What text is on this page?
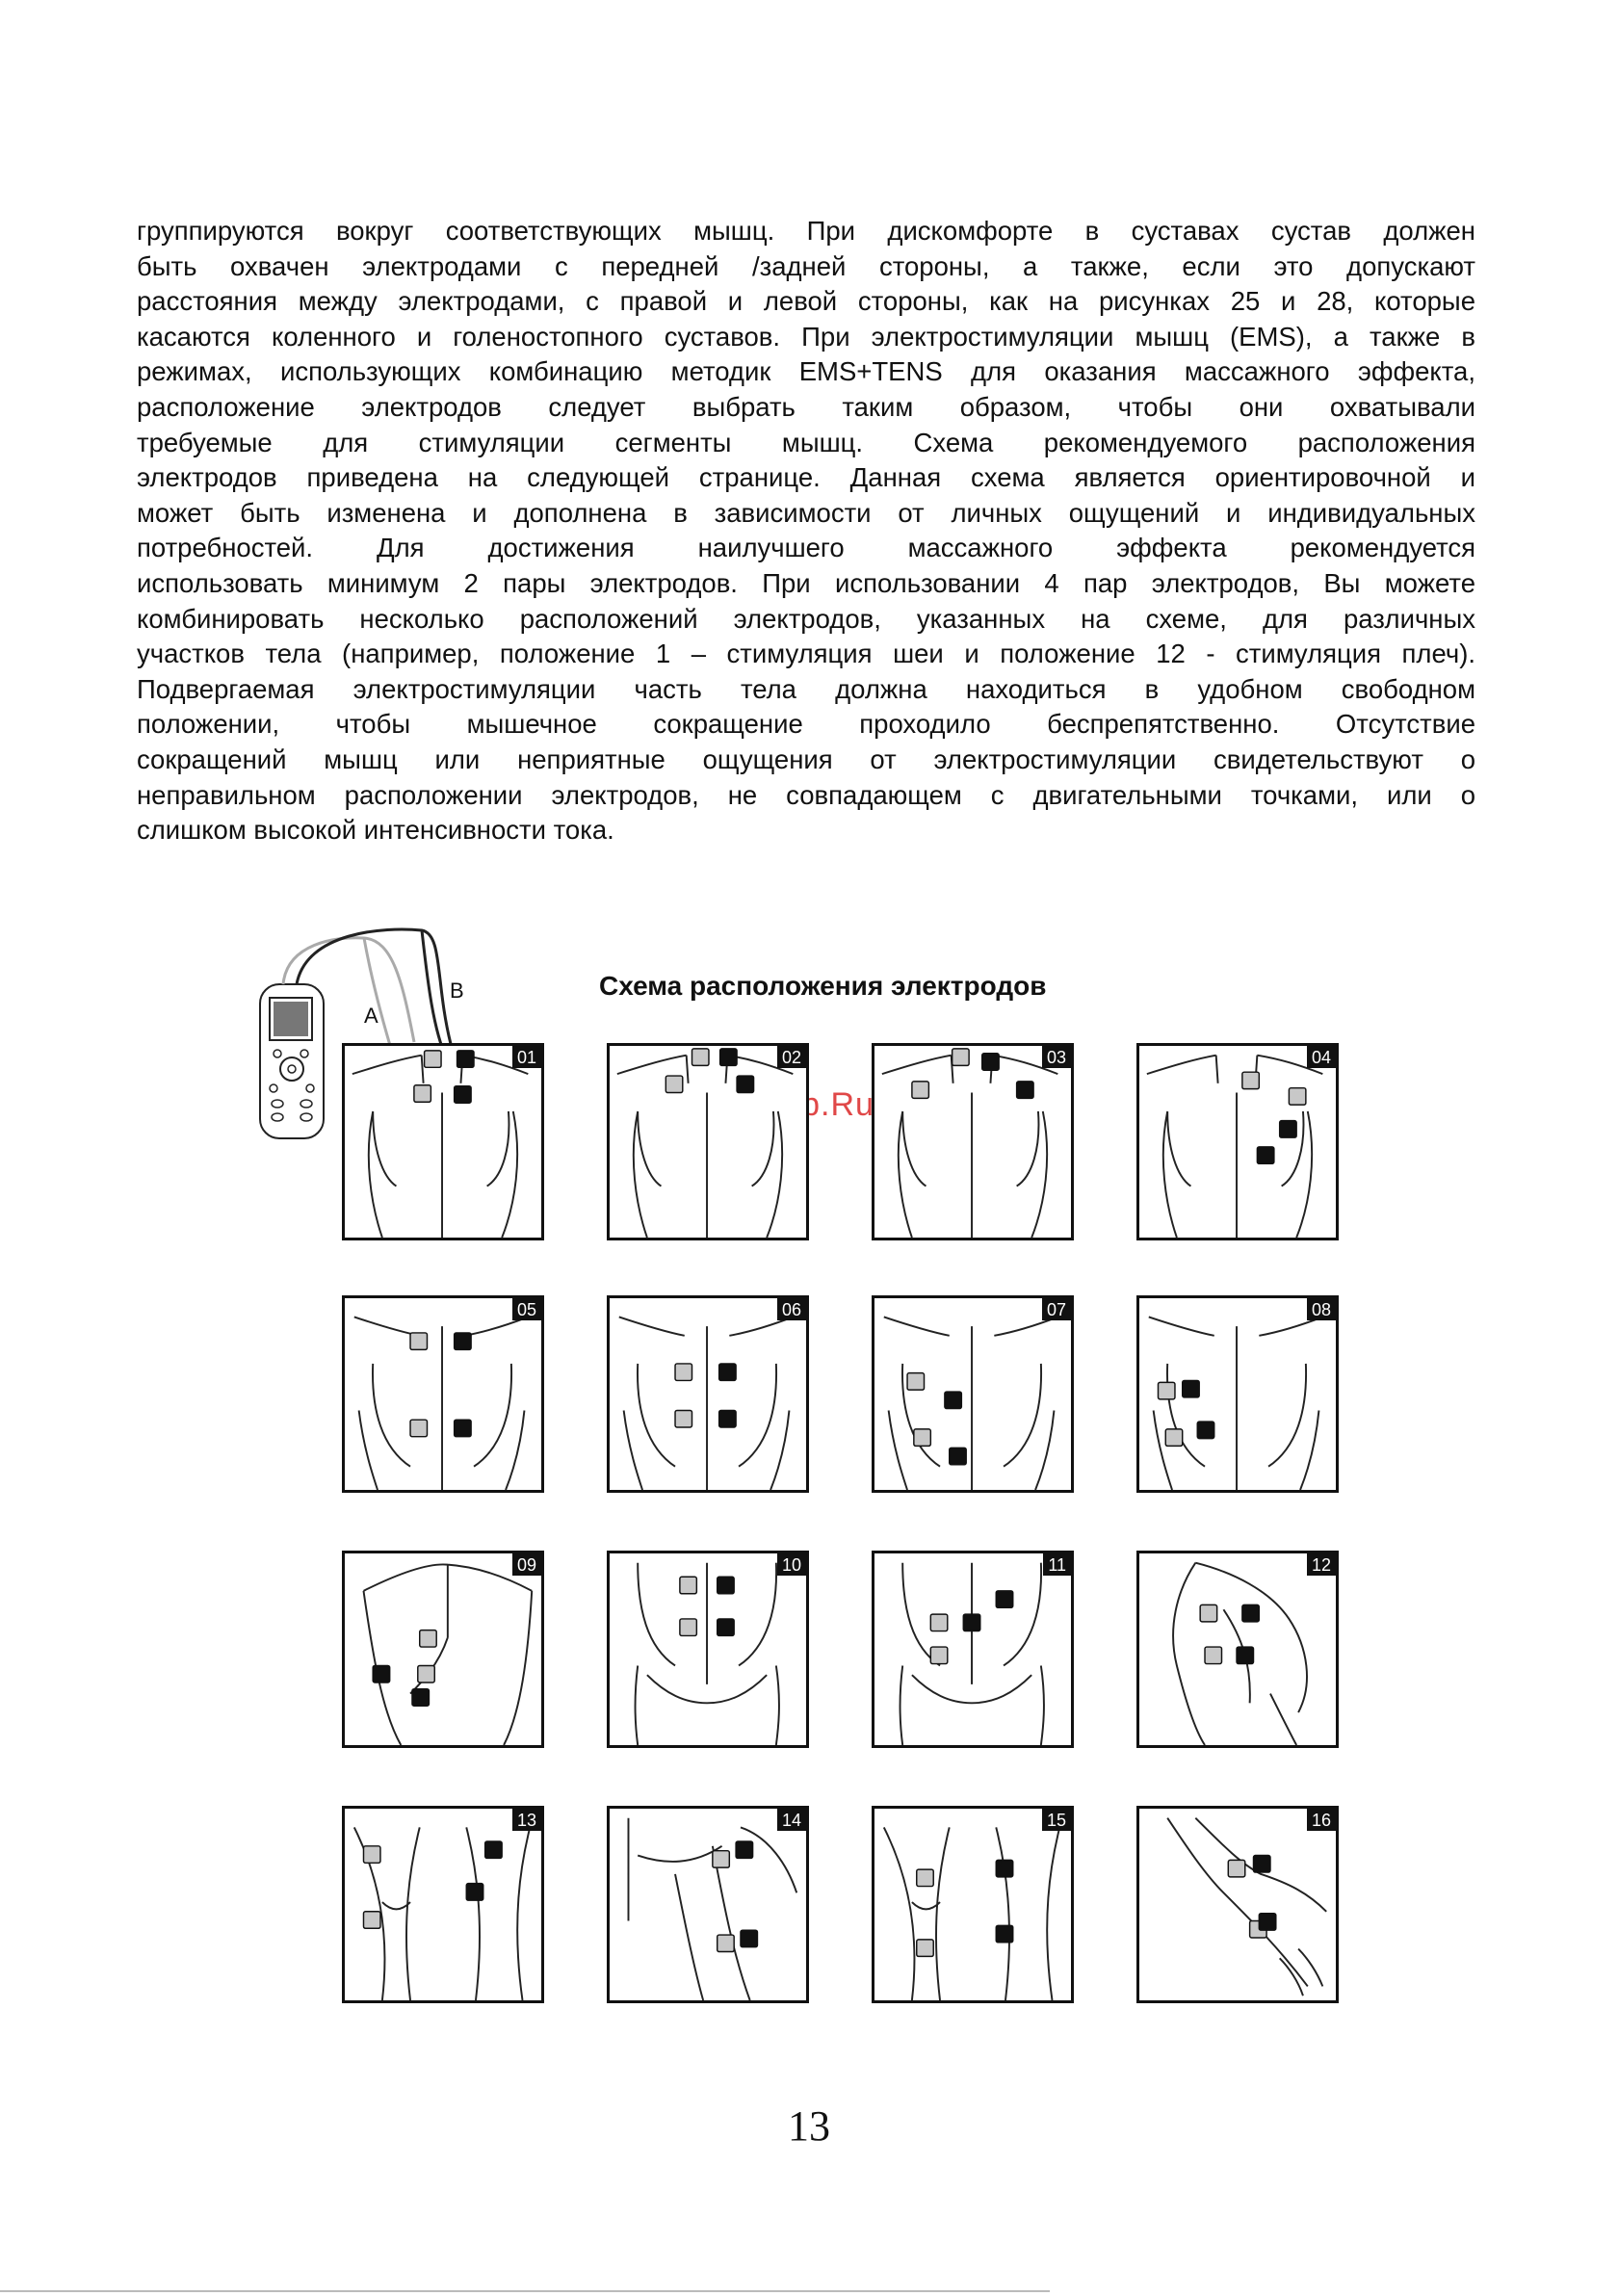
группируются вокруг соответствующих мышц. При дискомфорте в суставах сустав должен
быть охвачен электродами с передней /задней стороны, а также, если это допускают
расстояния между электродами, с правой и левой стороны, как на рисунках 25 и 28, которые
касаются коленного и голеностопного суставов. При электростимуляции мышц (EMS), а также в
режимах, использующих комбинацию методик EMS+TENS для оказания массажного эффекта,
расположение электродов следует выбрать таким образом, чтобы они охватывали
требуемые для стимуляции сегменты мышц. Схема рекомендуемого расположения
электродов приведена на следующей странице. Данная схема является ориентировочной и
может быть изменена и дополнена в зависимости от личных ощущений и индивидуальных
потребностей. Для достижения наилучшего массажного эффекта рекомендуется
использовать минимум 2 пары электродов. При использовании 4 пар электродов, Вы можете
комбинировать несколько расположений электродов, указанных на схеме, для различных
участков тела (например, положение 1 – стимуляция шеи и положение 12 - стимуляция плеч).
Подвергаемая электростимуляции часть тела должна находиться в удобном свободном
положении, чтобы мышечное сокращение проходило беспрепятственно. Отсутствие
сокращений мышц или неприятные ощущения от электростимуляции свидетельствуют о
неправильном расположении электродов, не совпадающем с двигательными точками, или о
слишком высокой интенсивности тока.
A
B	Схема расположения электродов
01	02	03	04
05	06	07	08
09	10	11	12
13	14	15	16
13
